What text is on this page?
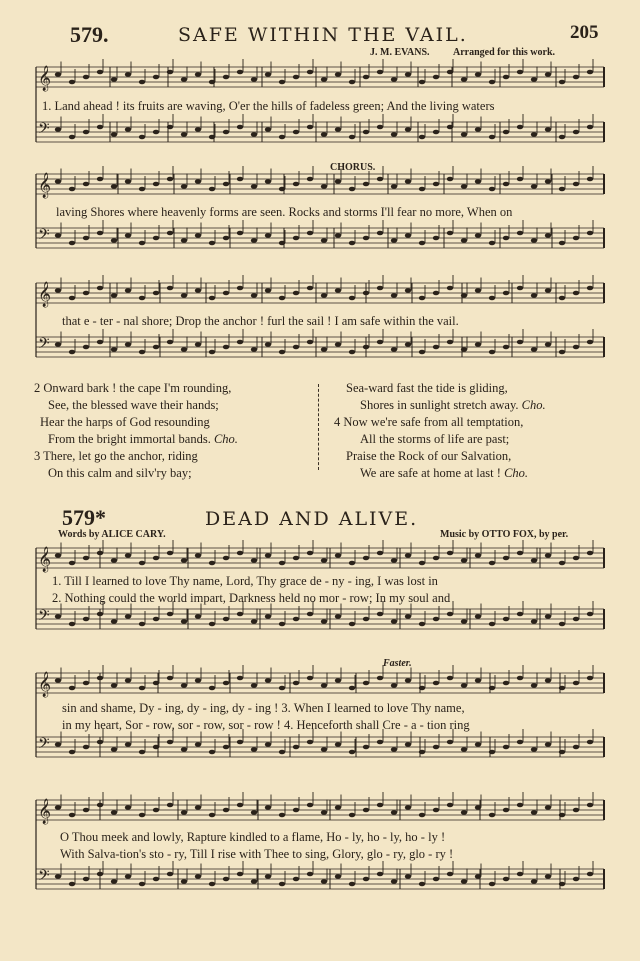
579.	SAFE WITHIN THE VAIL.	205
J. M. EVANS. Arranged for this work.
𝄞
𝄢
𝄞
𝄢
𝄞
𝄢
𝄞
𝄢
𝄞
𝄢
𝄞
𝄢
1. Land ahead ! its fruits are waving, O'er the hills of fadeless green; And the living waters
CHORUS.
laving Shores where heavenly forms are seen. Rocks and storms I'll fear no more, When on
that e - ter - nal shore; Drop the anchor ! furl the sail ! I am safe within the vail.
2 Onward bark ! the cape I'm rounding,
See, the blessed wave their hands;
Hear the harps of God resounding
From the bright immortal bands. Cho.
3 There, let go the anchor, riding
On this calm and silv'ry bay;
Sea-ward fast the tide is gliding,
Shores in sunlight stretch away. Cho.
4 Now we're safe from all temptation,
All the storms of life are past;
Praise the Rock of our Salvation,
We are safe at home at last ! Cho.
579*	DEAD AND ALIVE.
Words by ALICE CARY.	Music by OTTO FOX, by per.
1. Till I learned to love Thy name, Lord, Thy grace de - ny - ing, I was lost in
2. Nothing could the world impart, Darkness held no mor - row; In my soul and
Faster.
sin and shame, Dy - ing, dy - ing, dy - ing ! 3. When I learned to love Thy name,
in my heart, Sor - row, sor - row, sor - row ! 4. Henceforth shall Cre - a - tion ring
O Thou meek and lowly, Rapture kindled to a flame, Ho - ly, ho - ly, ho - ly !
With Salva-tion's sto - ry, Till I rise with Thee to sing, Glory, glo - ry, glo - ry !
